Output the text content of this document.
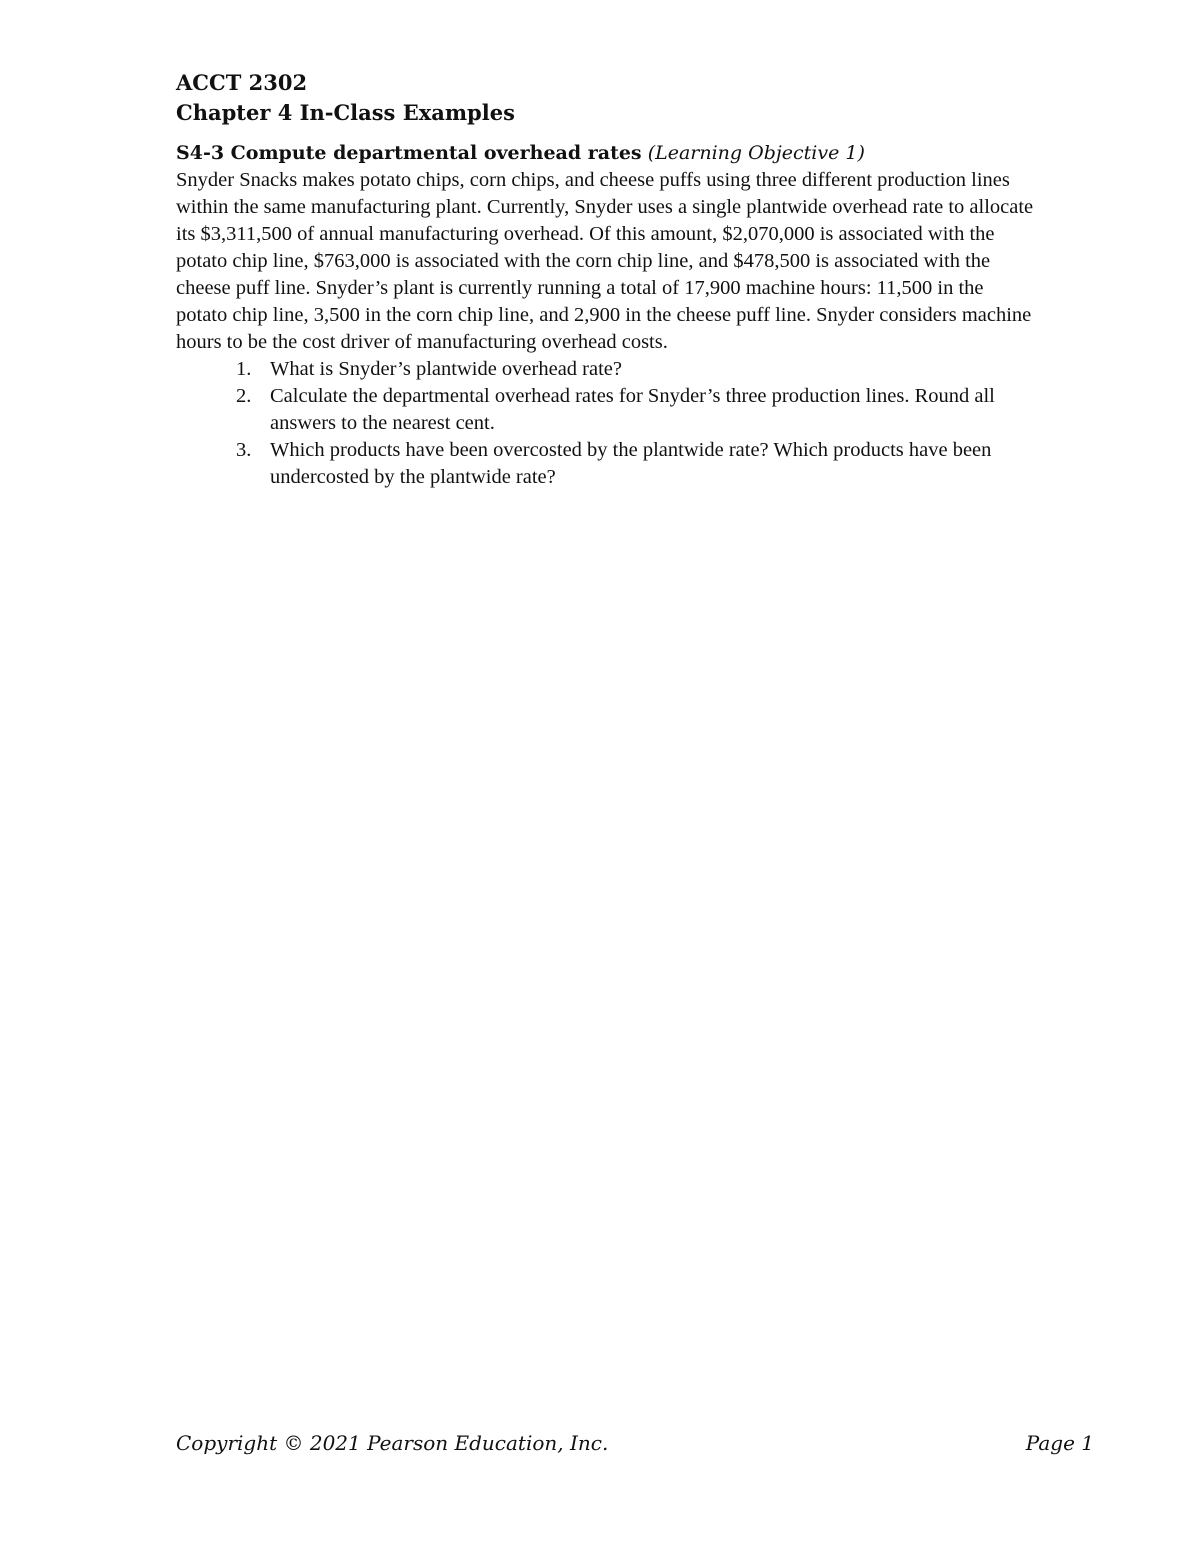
ACCT 2302
Chapter 4 In-Class Examples
S4-3 Compute departmental overhead rates (Learning Objective 1)

Snyder Snacks makes potato chips, corn chips, and cheese puffs using three different production lines within the same manufacturing plant. Currently, Snyder uses a single plantwide overhead rate to allocate its $3,311,500 of annual manufacturing overhead. Of this amount, $2,070,000 is associated with the potato chip line, $763,000 is associated with the corn chip line, and $478,500 is associated with the cheese puff line. Snyder’s plant is currently running a total of 17,900 machine hours: 11,500 in the potato chip line, 3,500 in the corn chip line, and 2,900 in the cheese puff line. Snyder considers machine hours to be the cost driver of manufacturing overhead costs.

1. What is Snyder’s plantwide overhead rate?
2. Calculate the departmental overhead rates for Snyder’s three production lines. Round all answers to the nearest cent.
3. Which products have been overcosted by the plantwide rate? Which products have been undercosted by the plantwide rate?
Copyright © 2021 Pearson Education, Inc.	Page 1
